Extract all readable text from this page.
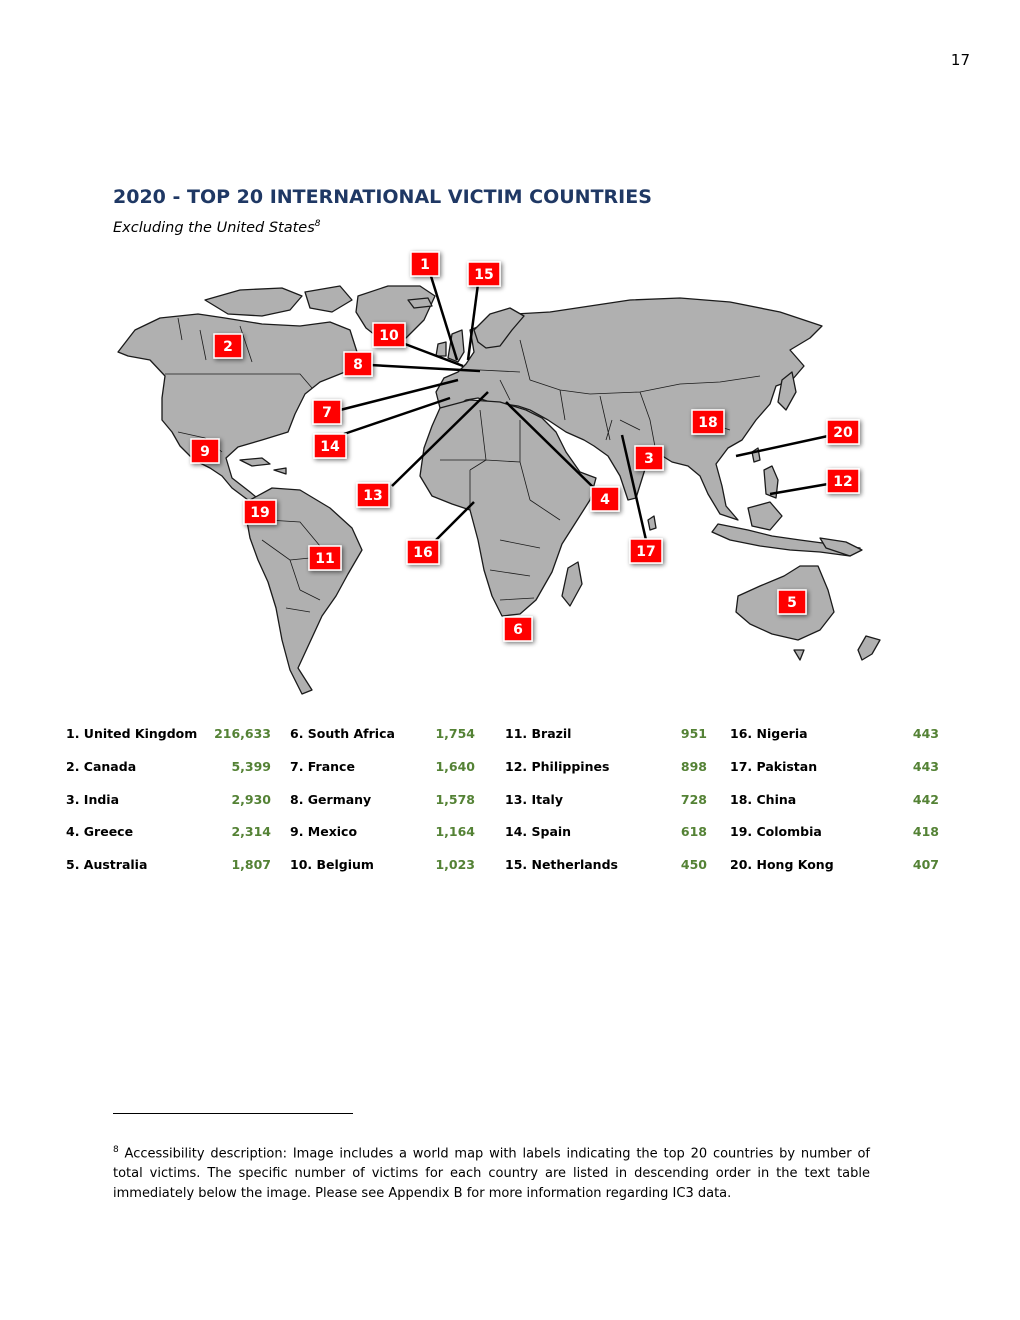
17
2020 - TOP 20 INTERNATIONAL VICTIM COUNTRIES
Excluding the United States$^8$
1
2
3
4
5
6
7
8
9
10
11
12
13
14
15
16	17
18
19
20
1. United Kingdom 216,633
2. Canada	5,399
3. India	2,930
4. Greece	2,314
5. Australia	1,807
6. South Africa	1,754
7. France	1,640
8. Germany	1,578
9. Mexico	1,164
10. Belgium	1,023
11. Brazil	951
12. Philippines	898
13. Italy	728
14. Spain	618
15. Netherlands	450
16. Nigeria	443
17. Pakistan	443
18. China	442
19. Colombia	418
20. Hong Kong	407
$^8$ Accessibility description: Image includes a world map with labels indicating the top 20 countries by number of total victims. The specific number of victims for each country are listed in descending order in the text table immediately below the image. Please see Appendix B for more information regarding IC3 data.
